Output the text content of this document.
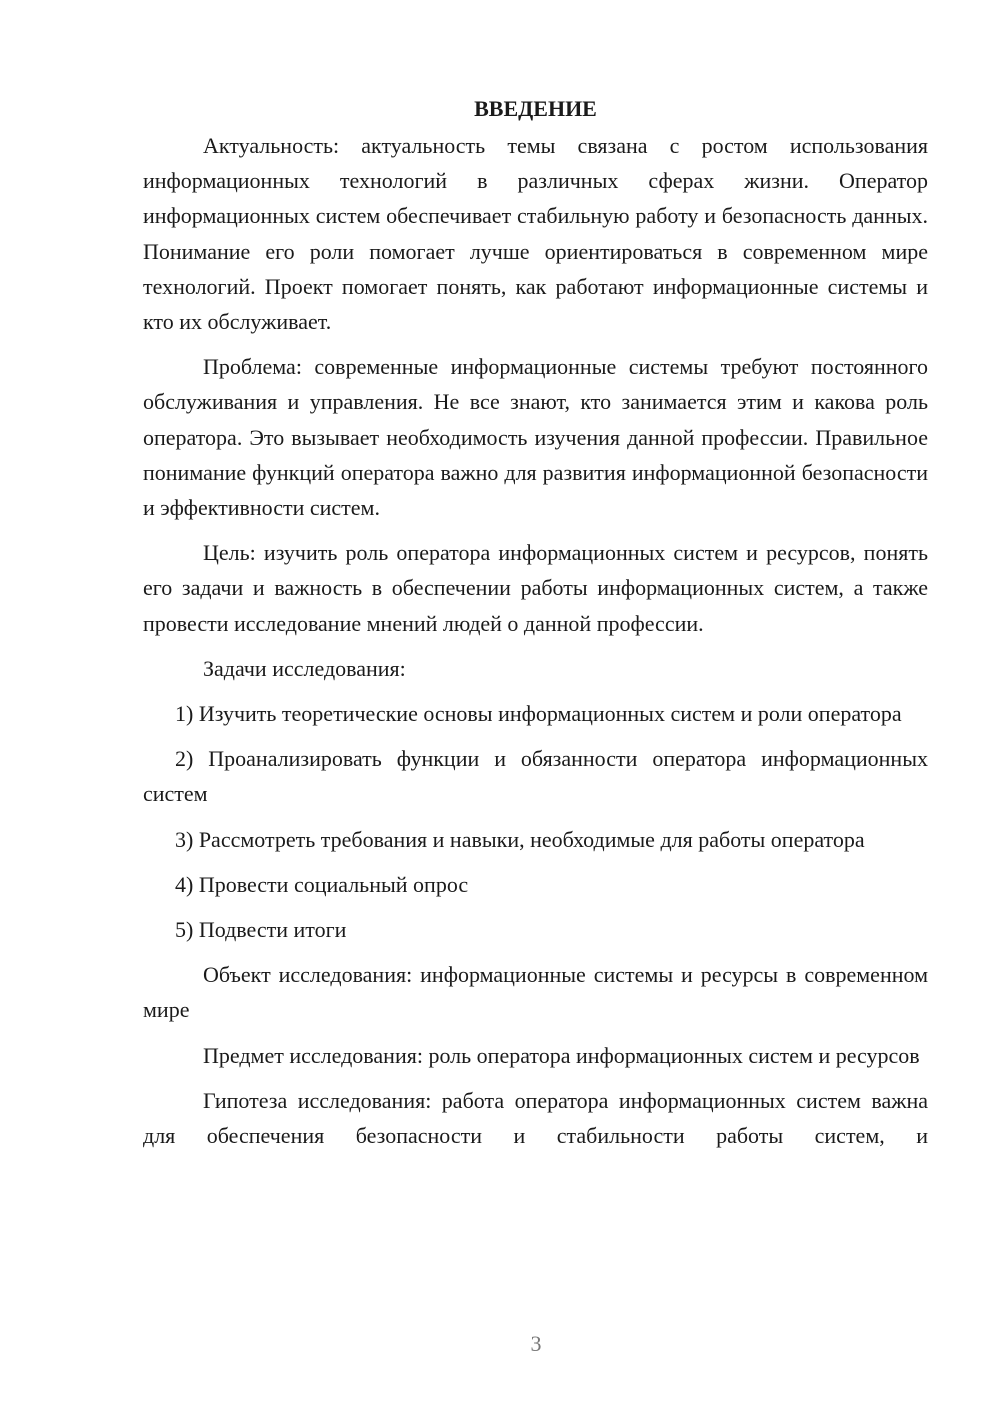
ВВЕДЕНИЕ

Актуальность: актуальность темы связана с ростом использования информационных технологий в различных сферах жизни. Оператор информационных систем обеспечивает стабильную работу и безопасность данных. Понимание его роли помогает лучше ориентироваться в современном мире технологий. Проект помогает понять, как работают информационные системы и кто их обслуживает.

Проблема: современные информационные системы требуют постоянного обслуживания и управления. Не все знают, кто занимается этим и какова роль оператора. Это вызывает необходимость изучения данной профессии. Правильное понимание функций оператора важно для развития информационной безопасности и эффективности систем.

Цель: изучить роль оператора информационных систем и ресурсов, понять его задачи и важность в обеспечении работы информационных систем, а также провести исследование мнений людей о данной профессии.

Задачи исследования:

1) Изучить теоретические основы информационных систем и роли оператора

2) Проанализировать функции и обязанности оператора информационных систем

3) Рассмотреть требования и навыки, необходимые для работы оператора

4) Провести социальный опрос

5) Подвести итоги

Объект исследования: информационные системы и ресурсы в современном мире

Предмет исследования: роль оператора информационных систем и ресурсов

Гипотеза исследования: работа оператора информационных систем важна для обеспечения безопасности и стабильности работы систем, и

3
